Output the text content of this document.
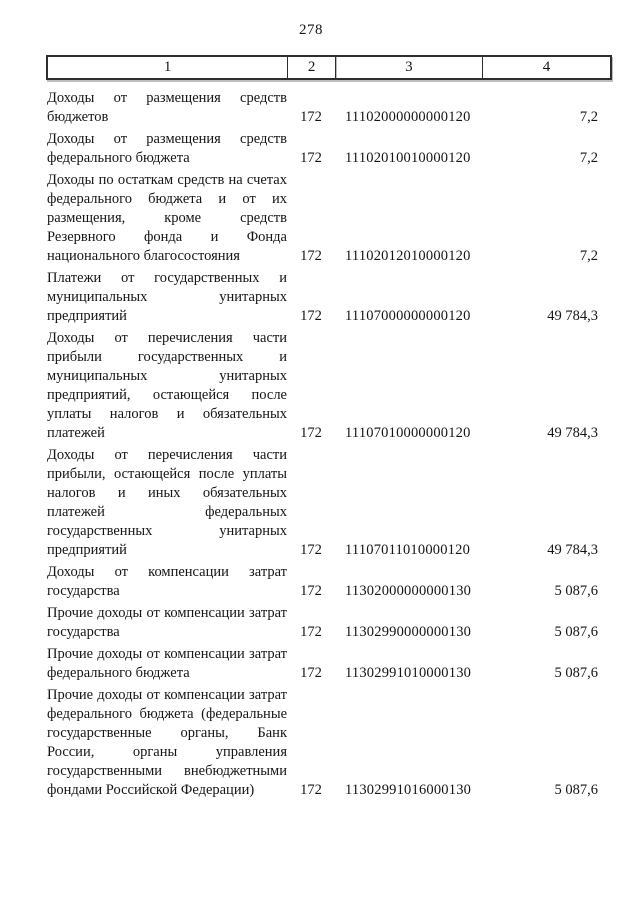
278
1	2	3	4
Доходы от размещения средств бюджетов	172	11102000000000120	7,2
Доходы от размещения средств федерального бюджета	172	11102010010000120	7,2
Доходы по остаткам средств на счетах федерального бюджета и от их размещения, кроме средств Резервного фонда и Фонда национального благосостояния	172	11102012010000120	7,2
Платежи от государственных и муниципальных унитарных предприятий	172	11107000000000120	49 784,3
Доходы от перечисления части прибыли государственных и муниципальных унитарных предприятий, остающейся после уплаты налогов и обязательных платежей	172	11107010000000120	49 784,3
Доходы от перечисления части прибыли, остающейся после уплаты налогов и иных обязательных платежей федеральных государственных унитарных предприятий	172	11107011010000120	49 784,3
Доходы от компенсации затрат государства	172	11302000000000130	5 087,6
Прочие доходы от компенсации затрат государства	172	11302990000000130	5 087,6
Прочие доходы от компенсации затрат федерального бюджета	172	11302991010000130	5 087,6
Прочие доходы от компенсации затрат федерального бюджета (федеральные государственные органы, Банк России, органы управления государственными внебюджетными фондами Российской Федерации)	172	11302991016000130	5 087,6
